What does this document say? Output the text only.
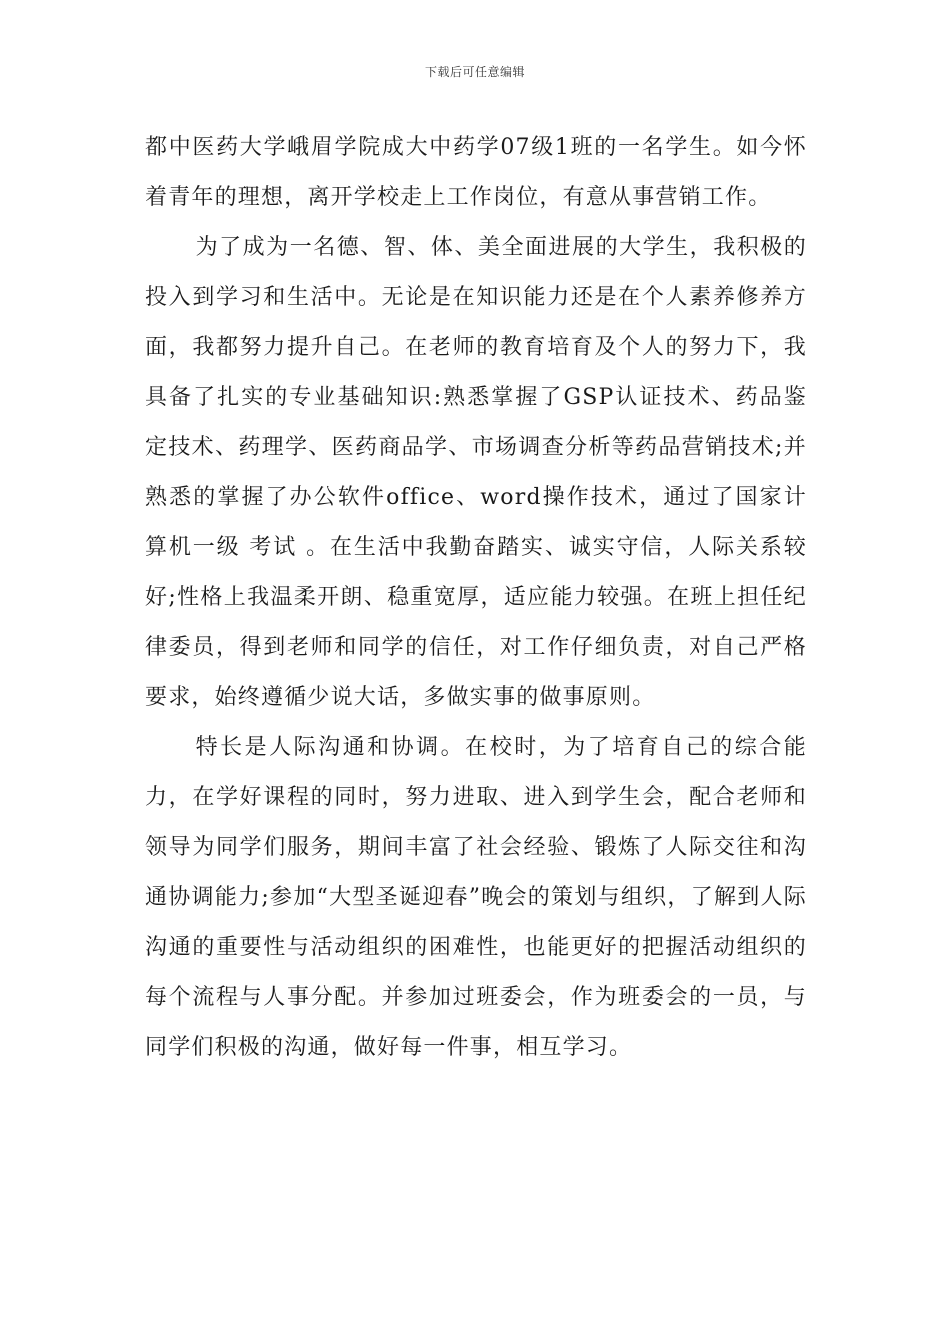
下载后可任意编辑

都中医药大学峨眉学院成大中药学07级1班的一名学生。如今怀着青年的理想，离开学校走上工作岗位，有意从事营销工作。

为了成为一名德、智、体、美全面进展的大学生，我积极的投入到学习和生活中。无论是在知识能力还是在个人素养修养方面，我都努力提升自己。在老师的教育培育及个人的努力下，我具备了扎实的专业基础知识:熟悉掌握了GSP认证技术、药品鉴定技术、药理学、医药商品学、市场调查分析等药品营销技术;并熟悉的掌握了办公软件office、word操作技术，通过了国家计算机一级 考试 。在生活中我勤奋踏实、诚实守信，人际关系较好;性格上我温柔开朗、稳重宽厚，适应能力较强。在班上担任纪律委员，得到老师和同学的信任，对工作仔细负责，对自己严格要求，始终遵循少说大话，多做实事的做事原则。

特长是人际沟通和协调。在校时，为了培育自己的综合能力，在学好课程的同时，努力进取、进入到学生会，配合老师和领导为同学们服务，期间丰富了社会经验、锻炼了人际交往和沟通协调能力;参加“大型圣诞迎春”晚会的策划与组织，了解到人际沟通的重要性与活动组织的困难性，也能更好的把握活动组织的每个流程与人事分配。并参加过班委会，作为班委会的一员，与同学们积极的沟通，做好每一件事，相互学习。
